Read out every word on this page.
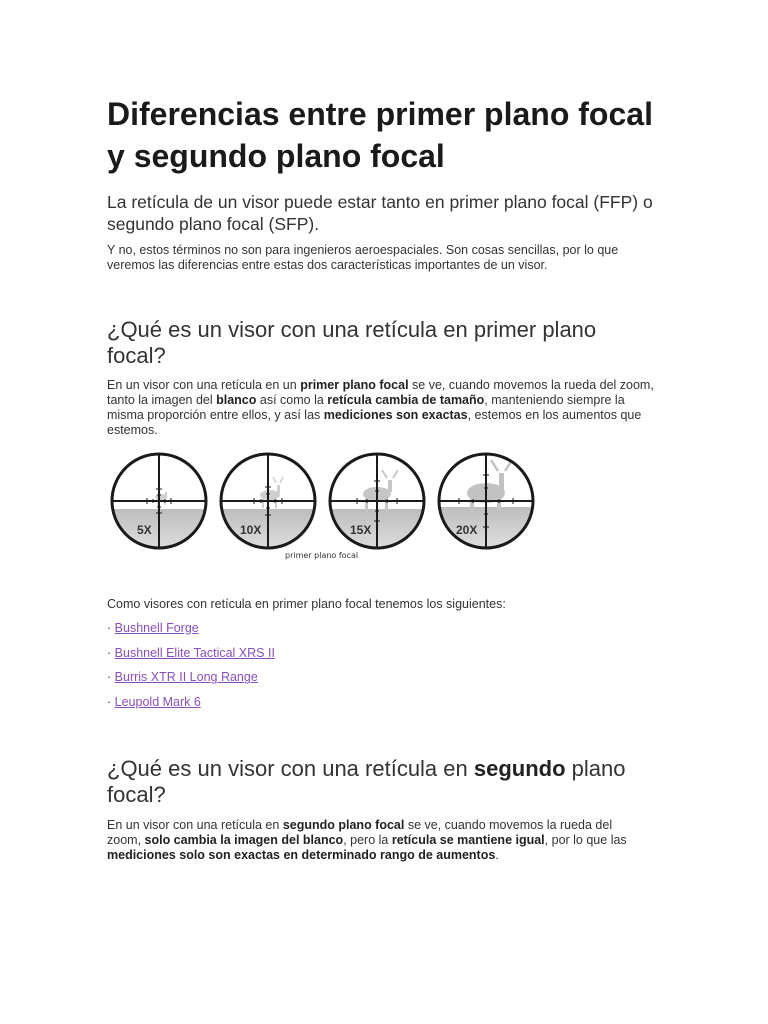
Diferencias entre primer plano focal y segundo plano focal

La retícula de un visor puede estar tanto en primer plano focal (FFP) o segundo plano focal (SFP).

Y no, estos términos no son para ingenieros aeroespaciales. Son cosas sencillas, por lo que veremos las diferencias entre estas dos características importantes de un visor.

¿Qué es un visor con una retícula en primer plano focal?

En un visor con una retícula en un primer plano focal se ve, cuando movemos la rueda del zoom, tanto la imagen del blanco así como la retícula cambia de tamaño, manteniendo siempre la misma proporción entre ellos, y así las mediciones son exactas, estemos en los aumentos que estemos.

5X	10X	15X	20X
primer plano focal

Como visores con retícula en primer plano focal tenemos los siguientes:

· Bushnell Forge
· Bushnell Elite Tactical XRS II
· Burris XTR II Long Range
· Leupold Mark 6
¿Qué es un visor con una retícula en segundo plano focal?

En un visor con una retícula en segundo plano focal se ve, cuando movemos la rueda del zoom, solo cambia la imagen del blanco, pero la retícula se mantiene igual, por lo que las mediciones solo son exactas en determinado rango de aumentos.
